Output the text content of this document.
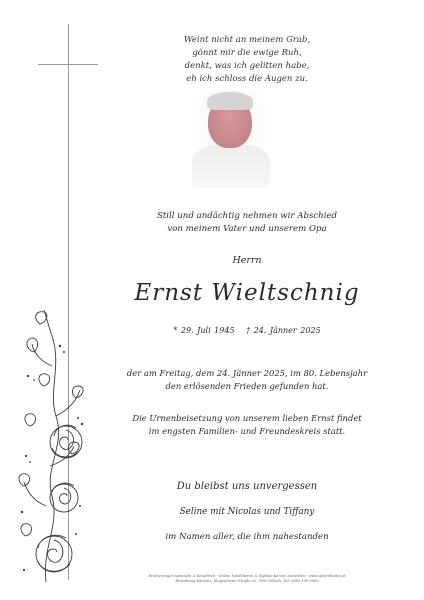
Weint nicht an meinem Grab,
gönnt mir die ewige Ruh,
denkt, was ich gelitten habe,
eh ich schloss die Augen zu.
Still und andächtig nehmen wir Abschied
von meinem Vater und unserem Opa
Herrn
Ernst Wieltschnig
* 29. Juli 1945 † 24. Jänner 2025
der am Freitag, dem 24. Jänner 2025, im 80. Lebensjahr
den erlösenden Frieden gefunden hat.
Die Urnenbeisetzung von unserem lieben Ernst findet
im engsten Familien- und Freundeskreis statt.
Du bleibst uns unvergessen
Seline mit Nicolas und Tiffany
im Namen aller, die ihm nahestanden
Erinnerungen sammeln & bewahren - Online kondolieren & digitale Kerzen anzünden - www.gedenkseite.at
Bestattung Kärnten, Klagenfurter Straße 62, 9500 Villach, Tel. 0800 199 0000
